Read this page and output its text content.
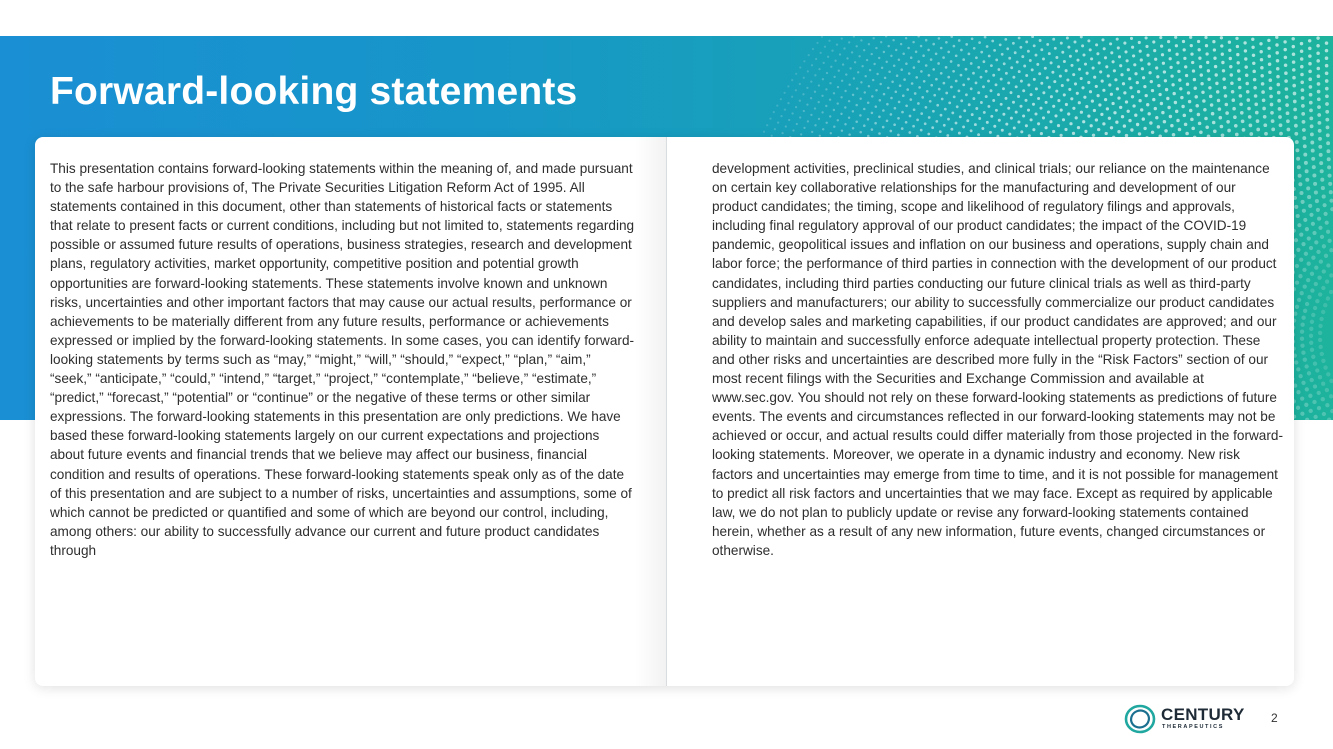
Forward-looking statements

This presentation contains forward-looking statements within the meaning of, and made pursuant to the safe harbour provisions of, The Private Securities Litigation Reform Act of 1995. All statements contained in this document, other than statements of historical facts or statements that relate to present facts or current conditions, including but not limited to, statements regarding possible or assumed future results of operations, business strategies, research and development plans, regulatory activities, market opportunity, competitive position and potential growth opportunities are forward-looking statements. These statements involve known and unknown risks, uncertainties and other important factors that may cause our actual results, performance or achievements to be materially different from any future results, performance or achievements expressed or implied by the forward-looking statements. In some cases, you can identify forward-looking statements by terms such as “may,” “might,” “will,” “should,” “expect,” “plan,” “aim,” “seek,” “anticipate,” “could,” “intend,” “target,” “project,” “contemplate,” “believe,” “estimate,” “predict,” “forecast,” “potential” or “continue” or the negative of these terms or other similar expressions. The forward-looking statements in this presentation are only predictions. We have based these forward-looking statements largely on our current expectations and projections about future events and financial trends that we believe may affect our business, financial condition and results of operations. These forward-looking statements speak only as of the date of this presentation and are subject to a number of risks, uncertainties and assumptions, some of which cannot be predicted or quantified and some of which are beyond our control, including, among others: our ability to successfully advance our current and future product candidates through

development activities, preclinical studies, and clinical trials; our reliance on the maintenance on certain key collaborative relationships for the manufacturing and development of our product candidates; the timing, scope and likelihood of regulatory filings and approvals, including final regulatory approval of our product candidates; the impact of the COVID-19 pandemic, geopolitical issues and inflation on our business and operations, supply chain and labor force; the performance of third parties in connection with the development of our product candidates, including third parties conducting our future clinical trials as well as third-party suppliers and manufacturers; our ability to successfully commercialize our product candidates and develop sales and marketing capabilities, if our product candidates are approved; and our ability to maintain and successfully enforce adequate intellectual property protection. These and other risks and uncertainties are described more fully in the “Risk Factors” section of our most recent filings with the Securities and Exchange Commission and available at www.sec.gov. You should not rely on these forward-looking statements as predictions of future events. The events and circumstances reflected in our forward-looking statements may not be achieved or occur, and actual results could differ materially from those projected in the forward-looking statements. Moreover, we operate in a dynamic industry and economy. New risk factors and uncertainties may emerge from time to time, and it is not possible for management to predict all risk factors and uncertainties that we may face. Except as required by applicable law, we do not plan to publicly update or revise any forward-looking statements contained herein, whether as a result of any new information, future events, changed circumstances or otherwise.

CENTURY
THERAPEUTICS
2
